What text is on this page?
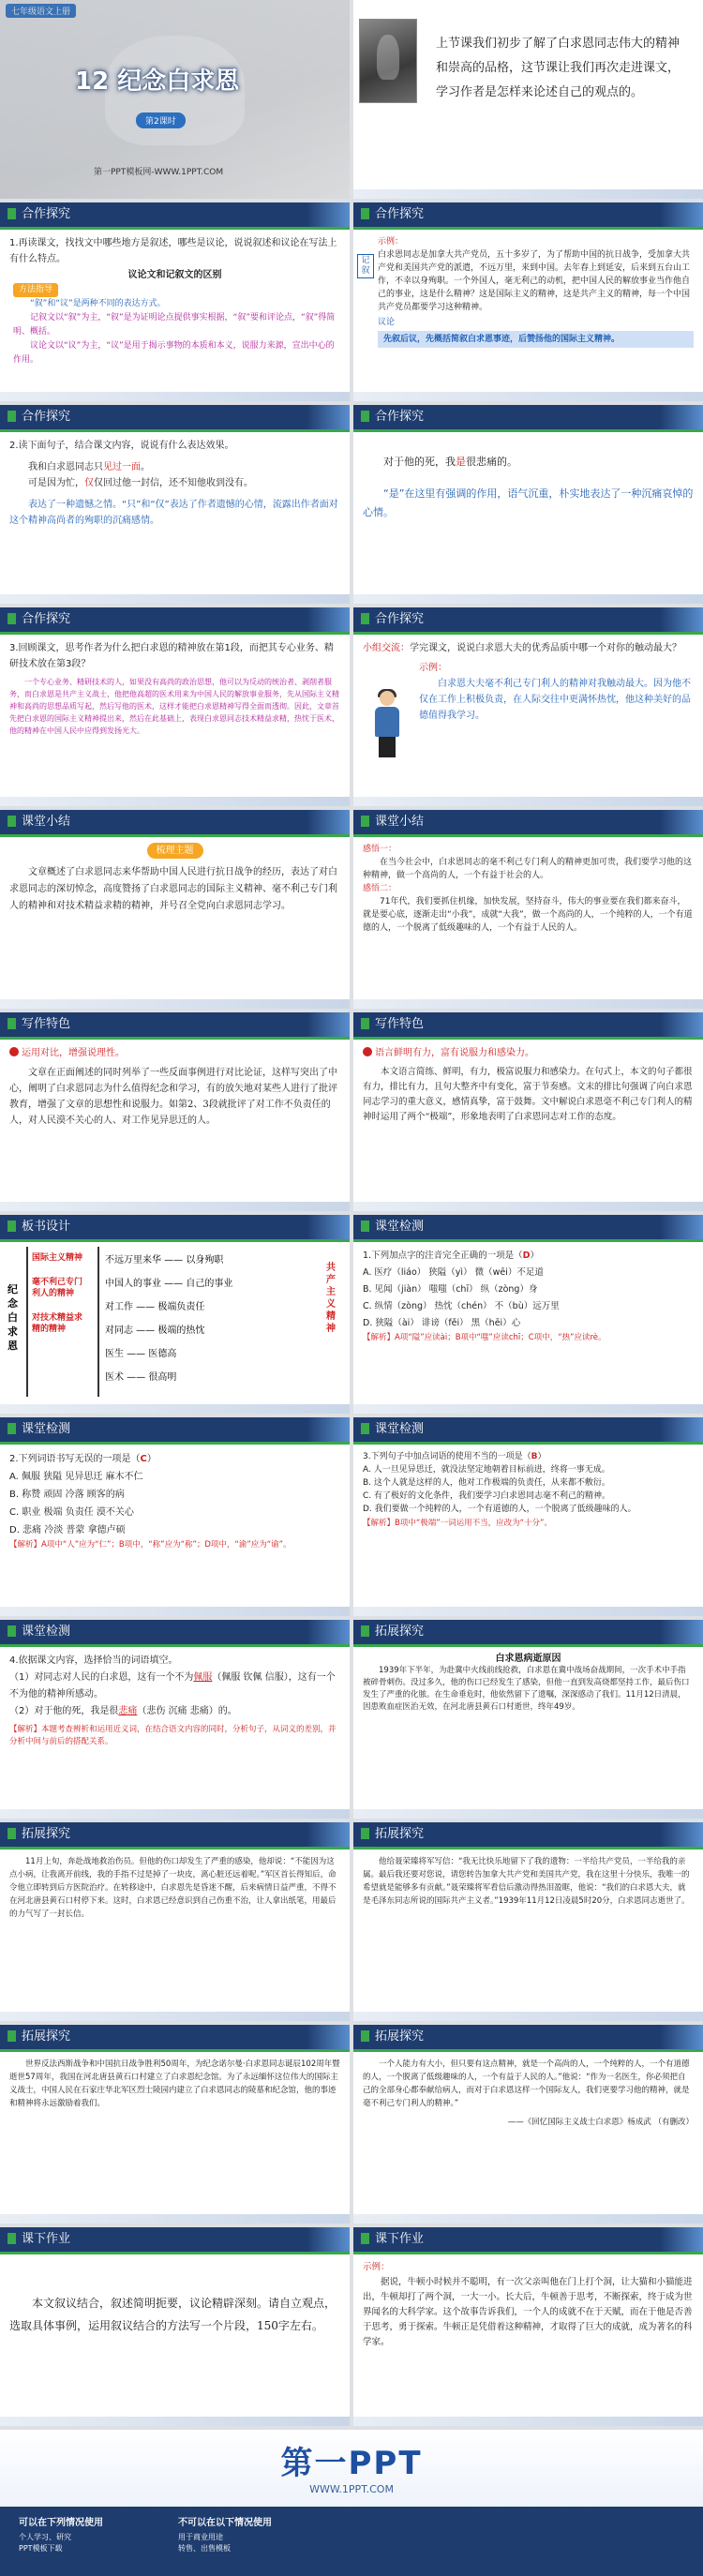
七年级语文上册
12 纪念白求恩
第2课时
第一PPT模板网-WWW.1PPT.COM
上节课我们初步了解了白求恩同志伟大的精神和崇高的品格，这节课让我们再次走进课文，学习作者是怎样来论述自己的观点的。
合作探究
1.再读课文，找找文中哪些地方是叙述，哪些是议论，说说叙述和议论在写法上有什么特点。
议论文和记叙文的区别
方法指导
“叙”和“议”是两种不同的表达方式。
记叙文以“叙”为主，“叙”是为证明论点提供事实根据，“叙”要和评论点，“叙”得简明、概括。
议论文以“议”为主，“议”是用于揭示事物的本质和本义，说服力来源，宣出中心的作用。
合作探究
示例：
记叙
白求恩同志是加拿大共产党员，五十多岁了，为了帮助中国的抗日战争，受加拿大共产党和美国共产党的派遣，不远万里，来到中国。去年春上到延安，后来到五台山工作，不幸以身殉职。一个外国人，毫无利己的动机，把中国人民的解放事业当作他自己的事业，这是什么精神？这是国际主义的精神，这是共产主义的精神，每一个中国共产党员都要学习这种精神。
议论
先叙后议，先概括简叙白求恩事迹，后赞扬他的国际主义精神。
合作探究
2.读下面句子，结合课文内容，说说有什么表达效果。
我和白求恩同志只见过一面。
可是因为忙，仅仅回过他一封信，还不知他收到没有。
表达了一种遗憾之情。“只”和“仅”表达了作者遗憾的心情，流露出作者面对这个精神高尚者的殉职的沉痛感情。
合作探究
对于他的死，我是很悲痛的。
“是”在这里有强调的作用，语气沉重，朴实地表达了一种沉痛哀悼的心情。
合作探究
3.回顾课文，思考作者为什么把白求恩的精神放在第1段，而把其专心业务、精研技术放在第3段？
一个专心业务、精研技术的人，如果没有高尚的政治思想，他可以为反动的统治者、剥削者服务，而白求恩是共产主义战士，他把他高超的医术用来为中国人民的解放事业服务，先从国际主义精神和高尚的思想品质写起，然后写他的医术，这样才能把白求恩精神写得全面而透彻。因此，文章首先把白求恩的国际主义精神提出来，然后在此基础上，表现白求恩同志技术精益求精，热忱于医术，他的精神在中国人民中应得到发扬光大。
合作探究
小组交流：学完课文，说说白求恩大夫的优秀品质中哪一个对你的触动最大？
示例：
白求恩大夫毫不利己专门利人的精神对我触动最大。因为他不仅在工作上积极负责，在人际交往中更满怀热忱，他这种美好的品德值得我学习。
课堂小结
梳理主题
文章概述了白求恩同志来华帮助中国人民进行抗日战争的经历，表达了对白求恩同志的深切悼念，高度赞扬了白求恩同志的国际主义精神、毫不利己专门利人的精神和对技术精益求精的精神，并号召全党向白求恩同志学习。
课堂小结
感悟一：
在当今社会中，白求恩同志的毫不利己专门利人的精神更加可贵，我们要学习他的这种精神，做一个高尚的人，一个有益于社会的人。
感悟二：
71年代，我们要抓住机缘，加快发展，坚持奋斗，伟大的事业要在我们都来奋斗，就是要心底，逐渐走出“小我”，成就“大我”，做一个高尚的人，一个纯粹的人，一个有道德的人，一个脱离了低级趣味的人，一个有益于人民的人。
写作特色
运用对比，增强说理性。
文章在正面阐述的同时列举了一些反面事例进行对比论证，这样写突出了中心，阐明了白求恩同志为什么值得纪念和学习，有的放矢地对某些人进行了批评教育，增强了文章的思想性和说服力。如第2、3段就批评了对工作不负责任的人，对人民漠不关心的人、对工作见异思迁的人。
写作特色
语言鲜明有力，富有说服力和感染力。
本文语言简练、鲜明，有力，极富说服力和感染力。在句式上，本文的句子都很有力，排比有力，且句大整齐中有变化，富于节奏感。文末的排比句强调了向白求恩同志学习的重大意义，感情真挚，富于鼓舞。文中解说白求恩毫不利己专门利人的精神时运用了两个“极端”，形象地表明了白求恩同志对工作的态度。
板书设计
纪念白求恩
国际主义精神
毫不利己专门利人的精神
对技术精益求精的精神
不远万里来华 —— 以身殉职
中国人的事业 —— 自己的事业
对工作 —— 极端负责任
对同志 —— 极端的热忱
医生 —— 医德高
医术 —— 很高明
共产主义精神
课堂检测
1.下列加点字的注音完全正确的一项是（D）
A. 医疗（liáo） 狭隘（yì） 微（wēi）不足道
B. 见闻（jiàn） 嗤嗤（chī） 纵（zòng）身
C. 纵情（zòng） 热忱（chén） 不（bù）远万里
D. 狭隘（ài） 诽谤（fěi） 黑（hēi）心
【解析】A项“隘”应读ài；B项中“嗤”应读chī；C项中，“热”应读rè。
课堂检测
2.下列词语书写无误的一项是（C）
A. 佩服 狭隘 见异思迁 麻木不仁
B. 称赞 顽固 冷落 顾客的病
C. 职业 极端 负责任 漠不关心
D. 悲痛 冷淡 普蒙 拿德卢硕
【解析】A项中“人”应为“仁”；B项中，“称”应为“称”；D项中，“渝”应为“谕”。
课堂检测
3.下列句子中加点词语的使用不当的一项是（B）
A. 人一旦见异思迁，就没法坚定地朝着目标前进，终将一事无成。
B. 这个人就是这样的人，他对工作极端的负责任，从来都不敷衍。
C. 有了极好的文化条件，我们要学习白求恩同志毫不利己的精神。
D. 我们要做一个纯粹的人，一个有道德的人，一个脱离了低级趣味的人。
【解析】B项中“极端”一词运用不当，应改为“十分”。
课堂检测
4.依据课文内容，选择恰当的词语填空。
（1）对同志对人民的白求恩，这有一个不为佩服（佩服 钦佩 信服），这有一个不为他的精神所感动。
（2）对于他的死，我是很悲痛（悲伤 沉痛 悲痛）的。
【解析】本题考查辨析和运用近义词，在结合语文内容的同时，分析句子，从词义的差别，并分析中间与前后的搭配关系。
拓展探究
白求恩病逝原因
1939年下半年，为赴冀中火线前线抢救，白求恩在冀中战场奋战期间，一次手术中手指被碎骨刺伤。没过多久，他的伤口已经发生了感染，但他一直到发高烧都坚持工作，最后伤口发生了严重的化脓。在生命垂危时，他依然留下了遗嘱，深深感动了我们。11月12日清晨，因患败血症医治无效，在河北唐县黄石口村逝世，终年49岁。
拓展探究
11月上旬，奔赴战地救治伤员。但他的伤口却发生了严重的感染，他却说：“不能因为这点小病，让我离开前线，我的手指不过是掉了一块皮，离心脏还远着呢。”军区首长得知后，命令他立即转到后方医院治疗。在转移途中，白求恩先是昏迷不醒，后来病情日益严重，不得不在河北唐县黄石口村停下来。这时，白求恩已经意识到自己伤重不治，让人拿出纸笔，用最后的力气写了一封长信。
拓展探究
他给聂荣臻将军写信：“我无比快乐地留下了我的遗物：一半给共产党员，一半给我的亲属。最后我还要对您说，请您转告加拿大共产党和美国共产党，我在这里十分快乐，我唯一的希望就是能够多有贡献。”聂荣臻将军看信后激动得热泪盈眶，他说：“我们的白求恩大夫，就是毛泽东同志所说的国际共产主义者。”1939年11月12日凌晨5时20分，白求恩同志逝世了。
拓展探究
世界反法西斯战争和中国抗日战争胜利50周年，为纪念诺尔曼·白求恩同志诞辰102周年暨逝世57周年，我国在河北唐县黄石口村建立了白求恩纪念馆。为了永远缅怀这位伟大的国际主义战士，中国人民在石家庄华北军区烈士陵园内建立了白求恩同志的陵墓和纪念馆，他的事迹和精神将永远激励着我们。
拓展探究
一个人能力有大小，但只要有这点精神，就是一个高尚的人，一个纯粹的人，一个有道德的人，一个脱离了低级趣味的人，一个有益于人民的人。”他说：“作为一名医生，你必须把自己的全部身心都奉献给病人，而对于白求恩这样一个国际友人，我们更要学习他的精神，就是毫不利己专门利人的精神。”
——《回忆国际主义战士白求恩》杨成武 （有删改）
课下作业
本文叙议结合，叙述简明扼要，议论精辟深刻。请自立观点，选取具体事例，运用叙议结合的方法写一个片段，150字左右。
课下作业
示例：
据说，牛顿小时候并不聪明，有一次父亲叫他在门上打个洞，让大猫和小猫能进出，牛顿却打了两个洞，一大一小。长大后，牛顿善于思考，不断探索，终于成为世界闻名的大科学家。这个故事告诉我们，一个人的成就不在于天赋，而在于他是否善于思考，勇于探索。牛顿正是凭借着这种精神，才取得了巨大的成就，成为著名的科学家。
第一PPT
WWW.1PPT.COM
可以在下列情况使用
个人学习、研究
PPT模板下载
不可以在以下情况使用
用于商业用途
转售、出售模板
